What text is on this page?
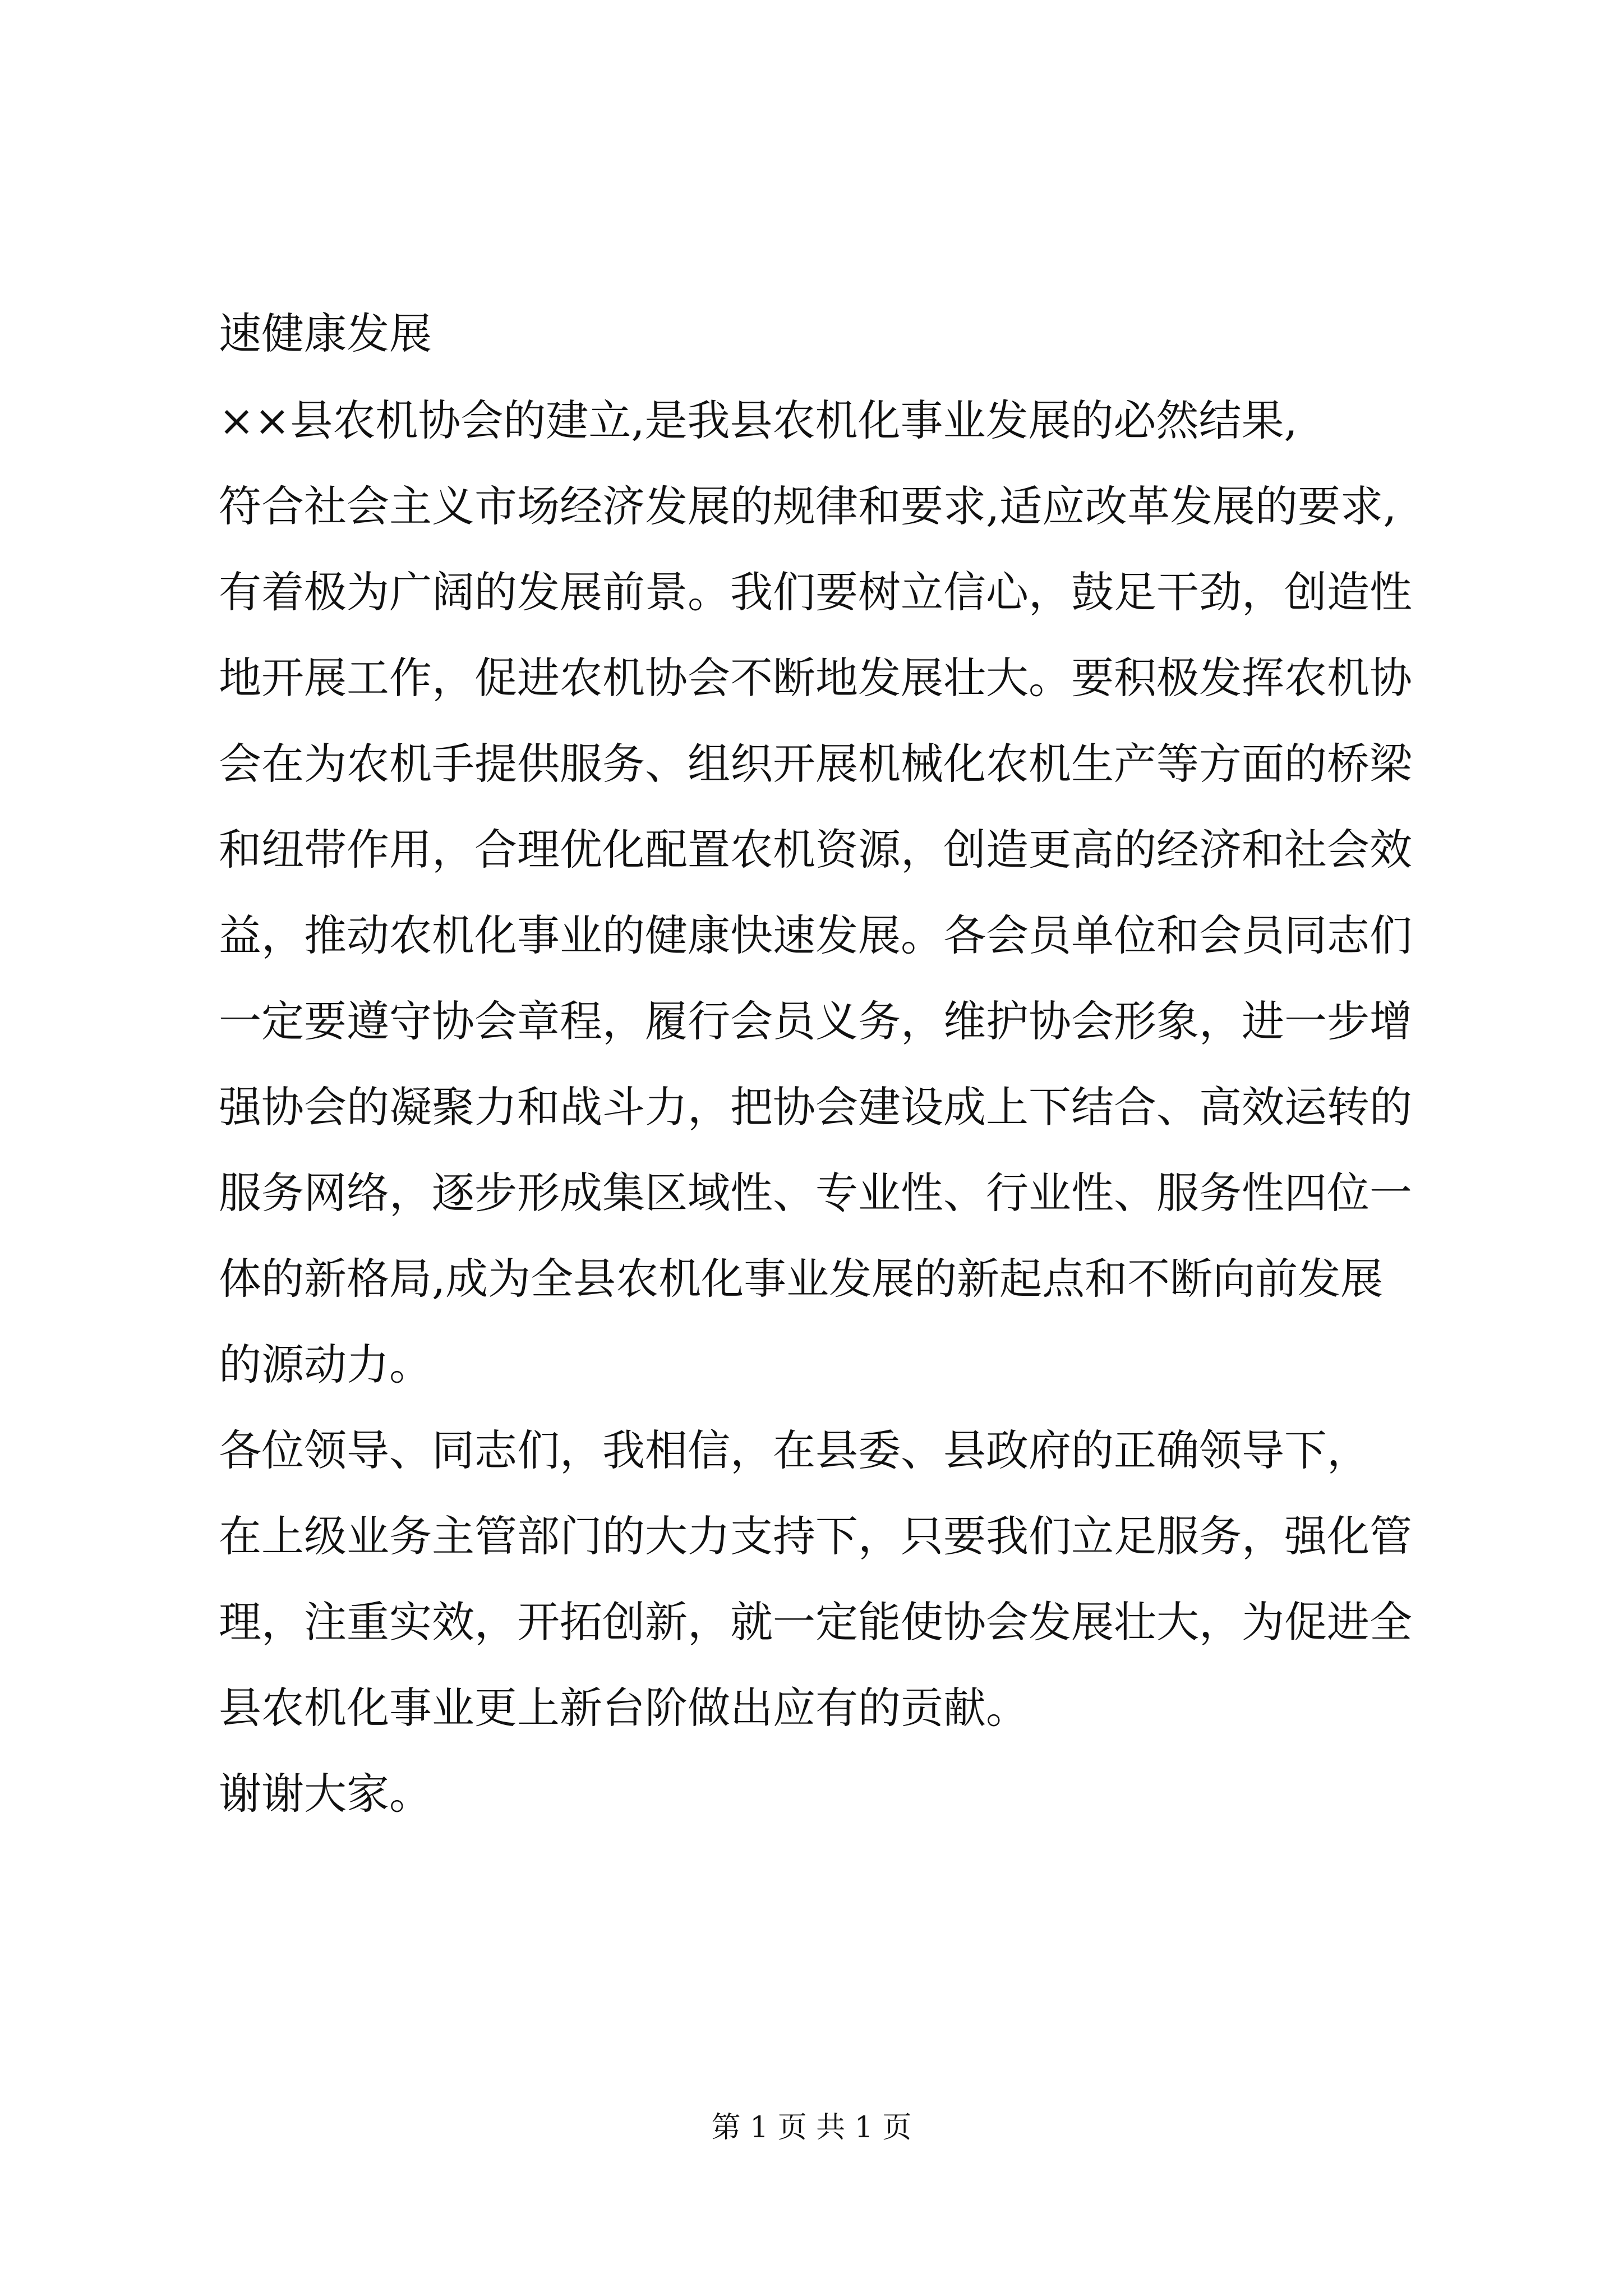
速健康发展
××县农机协会的建立,是我县农机化事业发展的必然结果,
符合社会主义市场经济发展的规律和要求,适应改革发展的要求,
有着极为广阔的发展前景。我们要树立信心，鼓足干劲，创造性
地开展工作，促进农机协会不断地发展壮大。要积极发挥农机协
会在为农机手提供服务、组织开展机械化农机生产等方面的桥梁
和纽带作用，合理优化配置农机资源，创造更高的经济和社会效
益，推动农机化事业的健康快速发展。各会员单位和会员同志们
一定要遵守协会章程，履行会员义务，维护协会形象，进一步增
强协会的凝聚力和战斗力，把协会建设成上下结合、高效运转的
服务网络，逐步形成集区域性、专业性、行业性、服务性四位一
体的新格局,成为全县农机化事业发展的新起点和不断向前发展
的源动力。
各位领导、同志们，我相信，在县委、县政府的正确领导下，
在上级业务主管部门的大力支持下，只要我们立足服务，强化管
理，注重实效，开拓创新，就一定能使协会发展壮大，为促进全
县农机化事业更上新台阶做出应有的贡献。
谢谢大家。
第 1 页 共 1 页
